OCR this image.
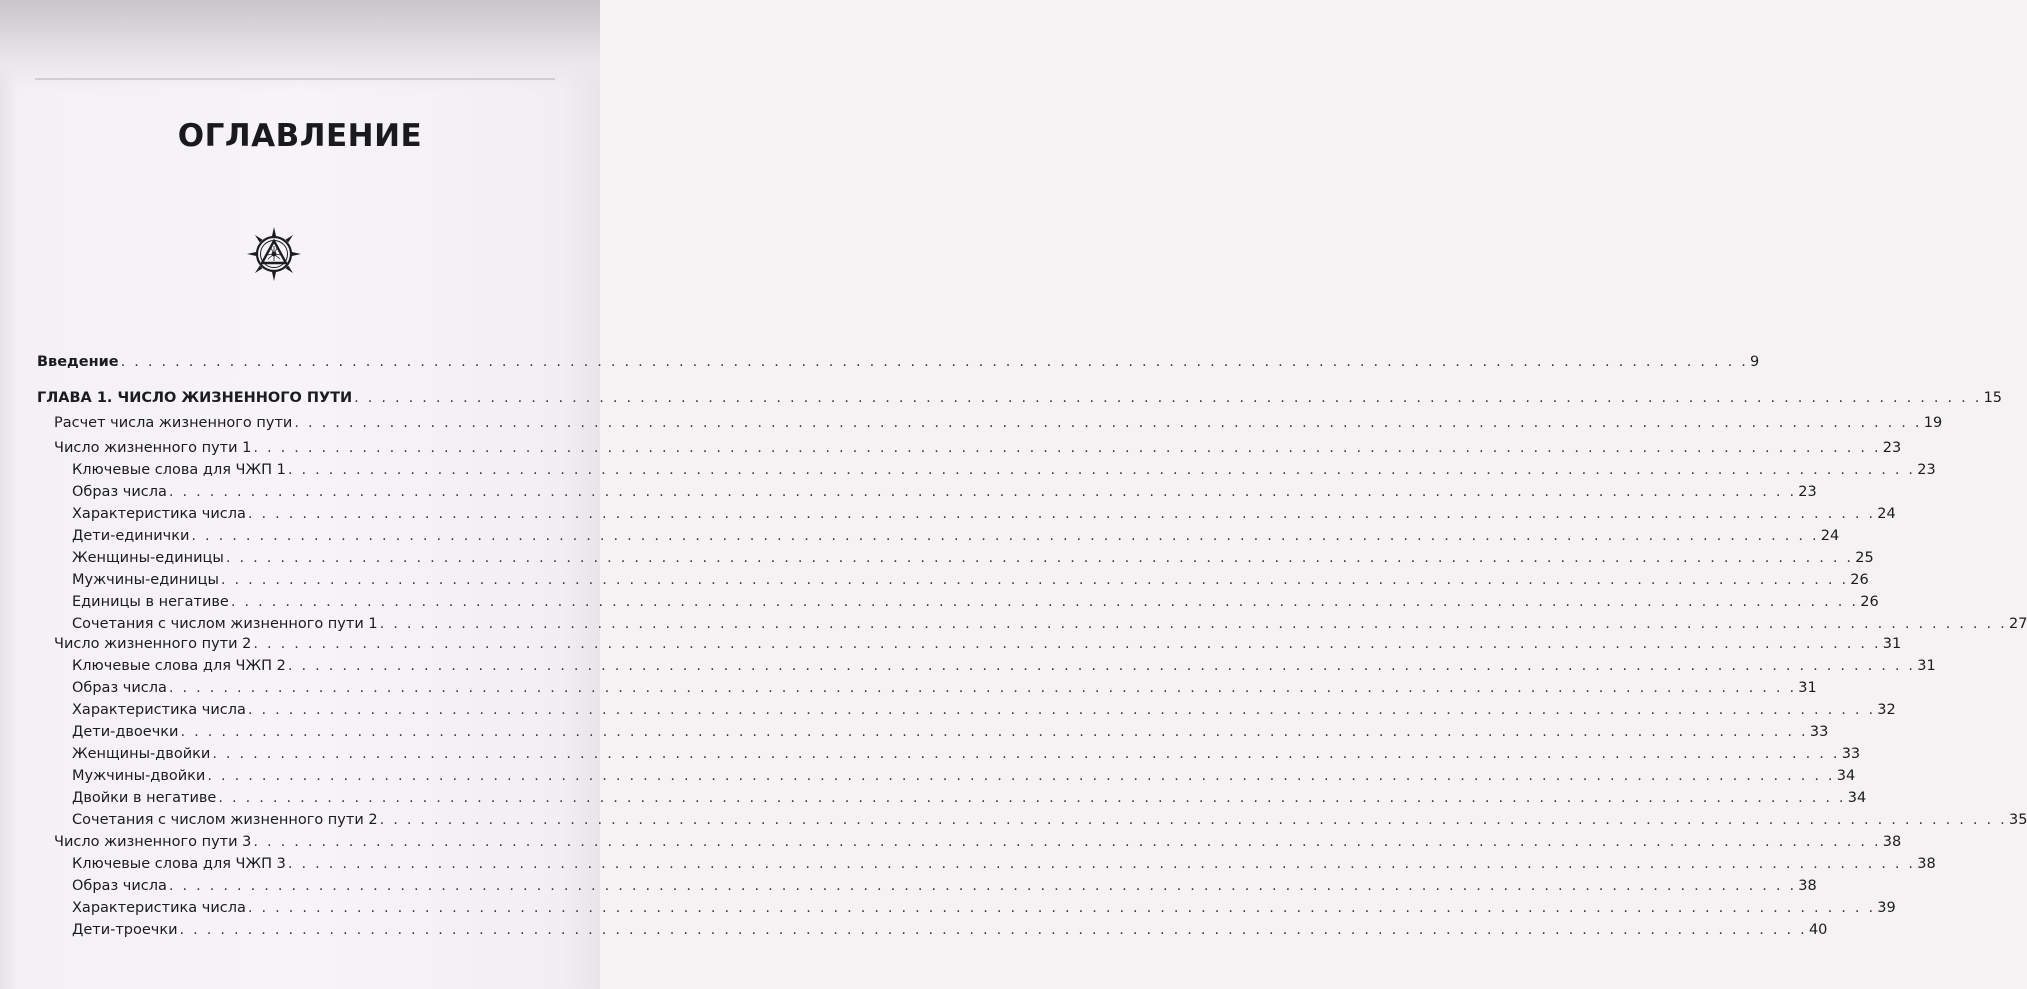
ОГЛАВЛЕНИЕ
Введение . . . . . . . . . . . . . . . . . . . . . . . . . . . . . . . . . . . . . . . . . . . . . . . . . . . . . . . . . . . . . . . . . . . . . . . . . . . . . . . . . . . . . . . . . . . . . . . . . . . . . . . . . . . . . . . . . . . . . . . . 9
ГЛАВА 1. ЧИСЛО ЖИЗНЕННОГО ПУТИ . . . . . . . . . . . . . . . . . . . . . . . . . . . . . . . . . . . . . . . . . . . . . . . . . . . . . . . . . . . . . . . . . . . . . . . . . . . . . . . . . . . . . . . . . . . . . . . . . . . . . . . . . . . . . . . . . . . . . . . . 15
Расчет числа жизненного пути . . . . . . . . . . . . . . . . . . . . . . . . . . . . . . . . . . . . . . . . . . . . . . . . . . . . . . . . . . . . . . . . . . . . . . . . . . . . . . . . . . . . . . . . . . . . . . . . . . . . . . . . . . . . . . . . . . . . . . . . 19
Число жизненного пути 1 . . . . . . . . . . . . . . . . . . . . . . . . . . . . . . . . . . . . . . . . . . . . . . . . . . . . . . . . . . . . . . . . . . . . . . . . . . . . . . . . . . . . . . . . . . . . . . . . . . . . . . . . . . . . . . . . . . . . . . . . 23
Ключевые слова для ЧЖП 1 . . . . . . . . . . . . . . . . . . . . . . . . . . . . . . . . . . . . . . . . . . . . . . . . . . . . . . . . . . . . . . . . . . . . . . . . . . . . . . . . . . . . . . . . . . . . . . . . . . . . . . . . . . . . . . . . . . . . . . . . 23
Образ числа . . . . . . . . . . . . . . . . . . . . . . . . . . . . . . . . . . . . . . . . . . . . . . . . . . . . . . . . . . . . . . . . . . . . . . . . . . . . . . . . . . . . . . . . . . . . . . . . . . . . . . . . . . . . . . . . . . . . . . . . 23
Характеристика числа . . . . . . . . . . . . . . . . . . . . . . . . . . . . . . . . . . . . . . . . . . . . . . . . . . . . . . . . . . . . . . . . . . . . . . . . . . . . . . . . . . . . . . . . . . . . . . . . . . . . . . . . . . . . . . . . . . . . . . . . 24
Дети-единички . . . . . . . . . . . . . . . . . . . . . . . . . . . . . . . . . . . . . . . . . . . . . . . . . . . . . . . . . . . . . . . . . . . . . . . . . . . . . . . . . . . . . . . . . . . . . . . . . . . . . . . . . . . . . . . . . . . . . . . . 24
Женщины-единицы . . . . . . . . . . . . . . . . . . . . . . . . . . . . . . . . . . . . . . . . . . . . . . . . . . . . . . . . . . . . . . . . . . . . . . . . . . . . . . . . . . . . . . . . . . . . . . . . . . . . . . . . . . . . . . . . . . . . . . . . 25
Мужчины-единицы . . . . . . . . . . . . . . . . . . . . . . . . . . . . . . . . . . . . . . . . . . . . . . . . . . . . . . . . . . . . . . . . . . . . . . . . . . . . . . . . . . . . . . . . . . . . . . . . . . . . . . . . . . . . . . . . . . . . . . . . 26
Единицы в негативе . . . . . . . . . . . . . . . . . . . . . . . . . . . . . . . . . . . . . . . . . . . . . . . . . . . . . . . . . . . . . . . . . . . . . . . . . . . . . . . . . . . . . . . . . . . . . . . . . . . . . . . . . . . . . . . . . . . . . . . . 26
Сочетания с числом жизненного пути 1 . . . . . . . . . . . . . . . . . . . . . . . . . . . . . . . . . . . . . . . . . . . . . . . . . . . . . . . . . . . . . . . . . . . . . . . . . . . . . . . . . . . . . . . . . . . . . . . . . . . . . . . . . . . . . . . . . . . . . . . . 27
Число жизненного пути 2 . . . . . . . . . . . . . . . . . . . . . . . . . . . . . . . . . . . . . . . . . . . . . . . . . . . . . . . . . . . . . . . . . . . . . . . . . . . . . . . . . . . . . . . . . . . . . . . . . . . . . . . . . . . . . . . . . . . . . . . . 31
Ключевые слова для ЧЖП 2 . . . . . . . . . . . . . . . . . . . . . . . . . . . . . . . . . . . . . . . . . . . . . . . . . . . . . . . . . . . . . . . . . . . . . . . . . . . . . . . . . . . . . . . . . . . . . . . . . . . . . . . . . . . . . . . . . . . . . . . . 31
Образ числа . . . . . . . . . . . . . . . . . . . . . . . . . . . . . . . . . . . . . . . . . . . . . . . . . . . . . . . . . . . . . . . . . . . . . . . . . . . . . . . . . . . . . . . . . . . . . . . . . . . . . . . . . . . . . . . . . . . . . . . . 31
Характеристика числа . . . . . . . . . . . . . . . . . . . . . . . . . . . . . . . . . . . . . . . . . . . . . . . . . . . . . . . . . . . . . . . . . . . . . . . . . . . . . . . . . . . . . . . . . . . . . . . . . . . . . . . . . . . . . . . . . . . . . . . . 32
Дети-двоечки . . . . . . . . . . . . . . . . . . . . . . . . . . . . . . . . . . . . . . . . . . . . . . . . . . . . . . . . . . . . . . . . . . . . . . . . . . . . . . . . . . . . . . . . . . . . . . . . . . . . . . . . . . . . . . . . . . . . . . . . 33
Женщины-двойки . . . . . . . . . . . . . . . . . . . . . . . . . . . . . . . . . . . . . . . . . . . . . . . . . . . . . . . . . . . . . . . . . . . . . . . . . . . . . . . . . . . . . . . . . . . . . . . . . . . . . . . . . . . . . . . . . . . . . . . . 33
Мужчины-двойки . . . . . . . . . . . . . . . . . . . . . . . . . . . . . . . . . . . . . . . . . . . . . . . . . . . . . . . . . . . . . . . . . . . . . . . . . . . . . . . . . . . . . . . . . . . . . . . . . . . . . . . . . . . . . . . . . . . . . . . . 34
Двойки в негативе . . . . . . . . . . . . . . . . . . . . . . . . . . . . . . . . . . . . . . . . . . . . . . . . . . . . . . . . . . . . . . . . . . . . . . . . . . . . . . . . . . . . . . . . . . . . . . . . . . . . . . . . . . . . . . . . . . . . . . . . 34
Сочетания с числом жизненного пути 2 . . . . . . . . . . . . . . . . . . . . . . . . . . . . . . . . . . . . . . . . . . . . . . . . . . . . . . . . . . . . . . . . . . . . . . . . . . . . . . . . . . . . . . . . . . . . . . . . . . . . . . . . . . . . . . . . . . . . . . . . 35
Число жизненного пути 3 . . . . . . . . . . . . . . . . . . . . . . . . . . . . . . . . . . . . . . . . . . . . . . . . . . . . . . . . . . . . . . . . . . . . . . . . . . . . . . . . . . . . . . . . . . . . . . . . . . . . . . . . . . . . . . . . . . . . . . . . 38
Ключевые слова для ЧЖП 3 . . . . . . . . . . . . . . . . . . . . . . . . . . . . . . . . . . . . . . . . . . . . . . . . . . . . . . . . . . . . . . . . . . . . . . . . . . . . . . . . . . . . . . . . . . . . . . . . . . . . . . . . . . . . . . . . . . . . . . . . 38
Образ числа . . . . . . . . . . . . . . . . . . . . . . . . . . . . . . . . . . . . . . . . . . . . . . . . . . . . . . . . . . . . . . . . . . . . . . . . . . . . . . . . . . . . . . . . . . . . . . . . . . . . . . . . . . . . . . . . . . . . . . . . 38
Характеристика числа . . . . . . . . . . . . . . . . . . . . . . . . . . . . . . . . . . . . . . . . . . . . . . . . . . . . . . . . . . . . . . . . . . . . . . . . . . . . . . . . . . . . . . . . . . . . . . . . . . . . . . . . . . . . . . . . . . . . . . . . 39
Дети-троечки . . . . . . . . . . . . . . . . . . . . . . . . . . . . . . . . . . . . . . . . . . . . . . . . . . . . . . . . . . . . . . . . . . . . . . . . . . . . . . . . . . . . . . . . . . . . . . . . . . . . . . . . . . . . . . . . . . . . . . . . 40
